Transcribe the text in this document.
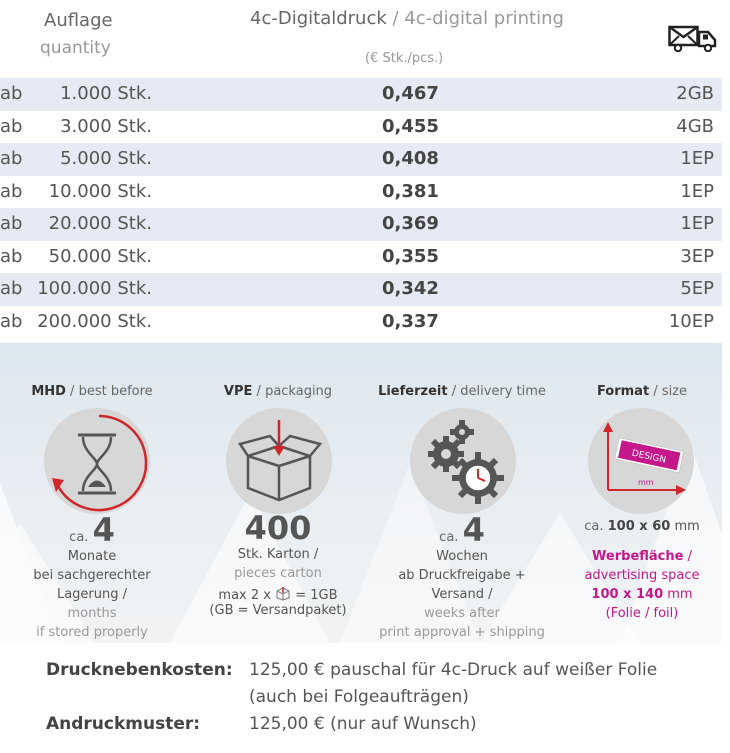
Auflage
quantity
4c-Digitaldruck / 4c-digital printing
(€ Stk./pcs.)
ab 1.000 Stk.	0,467	2GB
ab 3.000 Stk.	0,455	4GB
ab 5.000 Stk.	0,408	1EP
ab 10.000 Stk.	0,381	1EP
ab 20.000 Stk.	0,369	1EP
ab 50.000 Stk.	0,355	3EP
ab 100.000 Stk.	0,342	5EP
ab 200.000 Stk.	0,337	10EP
MHD / best before
ca. 4
Monate
bei sachgerechter Lagerung /
months
if stored properly
VPE / packaging
400
Stk. Karton /
pieces carton
max 2 x = 1GB
(GB = Versandpaket)
Lieferzeit / delivery time
ca. 4
Wochen
ab Druckfreigabe + Versand /
weeks after
print approval + shipping
Format / size
DESIGN
mm
ca. 100 x 60 mm
Werbefläche /
advertising space
100 x 140 mm
(Folie / foil)
Drucknebenkosten: 125,00 € pauschal für 4c-Druck auf weißer Folie
(auch bei Folgeaufträgen)
Andruckmuster:	125,00 € (nur auf Wunsch)
